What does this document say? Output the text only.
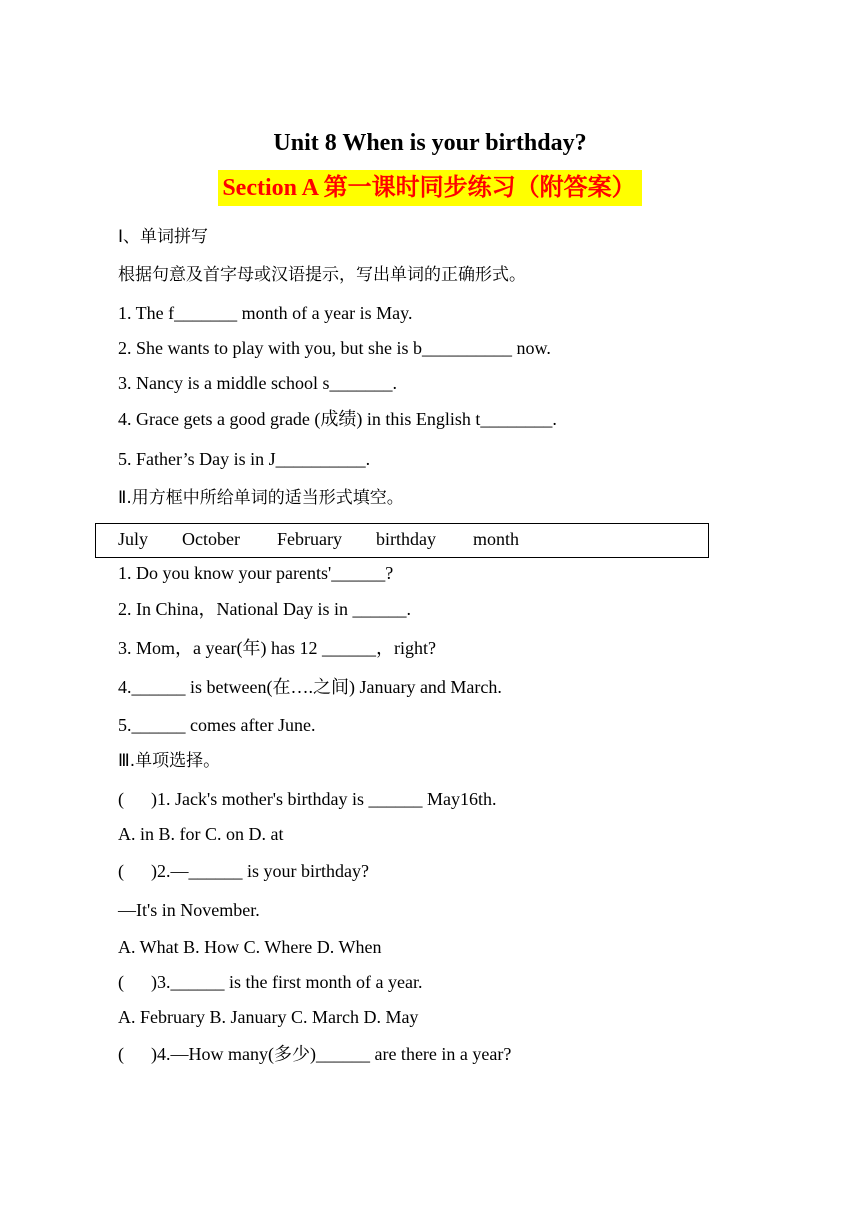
Unit 8 When is your birthday?
Section A 第一课时同步练习（附答案）
I、单词拼写
根据句意及首字母或汉语提示，写出单词的正确形式。
1. The f_______ month of a year is May.
2. She wants to play with you, but she is b__________ now.
3. Nancy is a middle school s_______.
4. Grace gets a good grade (成绩) in this English t________.
5. Father’s Day is in J__________.
Ⅱ.用方框中所给单词的适当形式填空。
July October February birthday month
1. Do you know your parents'______?
2. In China，National Day is in ______.
3. Mom，a year(年) has 12 ______，right?
4.______ is between(在….之间) January and March.
5.______ comes after June.
Ⅲ.单项选择。
(      )1. Jack's mother's birthday is ______ May16th.
A. in B. for C. on D. at
(      )2.—______ is your birthday?
—It's in November.
A. What B. How C. Where D. When
(      )3.______ is the first month of a year.
A. February B. January C. March D. May
(      )4.—How many(多少)______ are there in a year?
